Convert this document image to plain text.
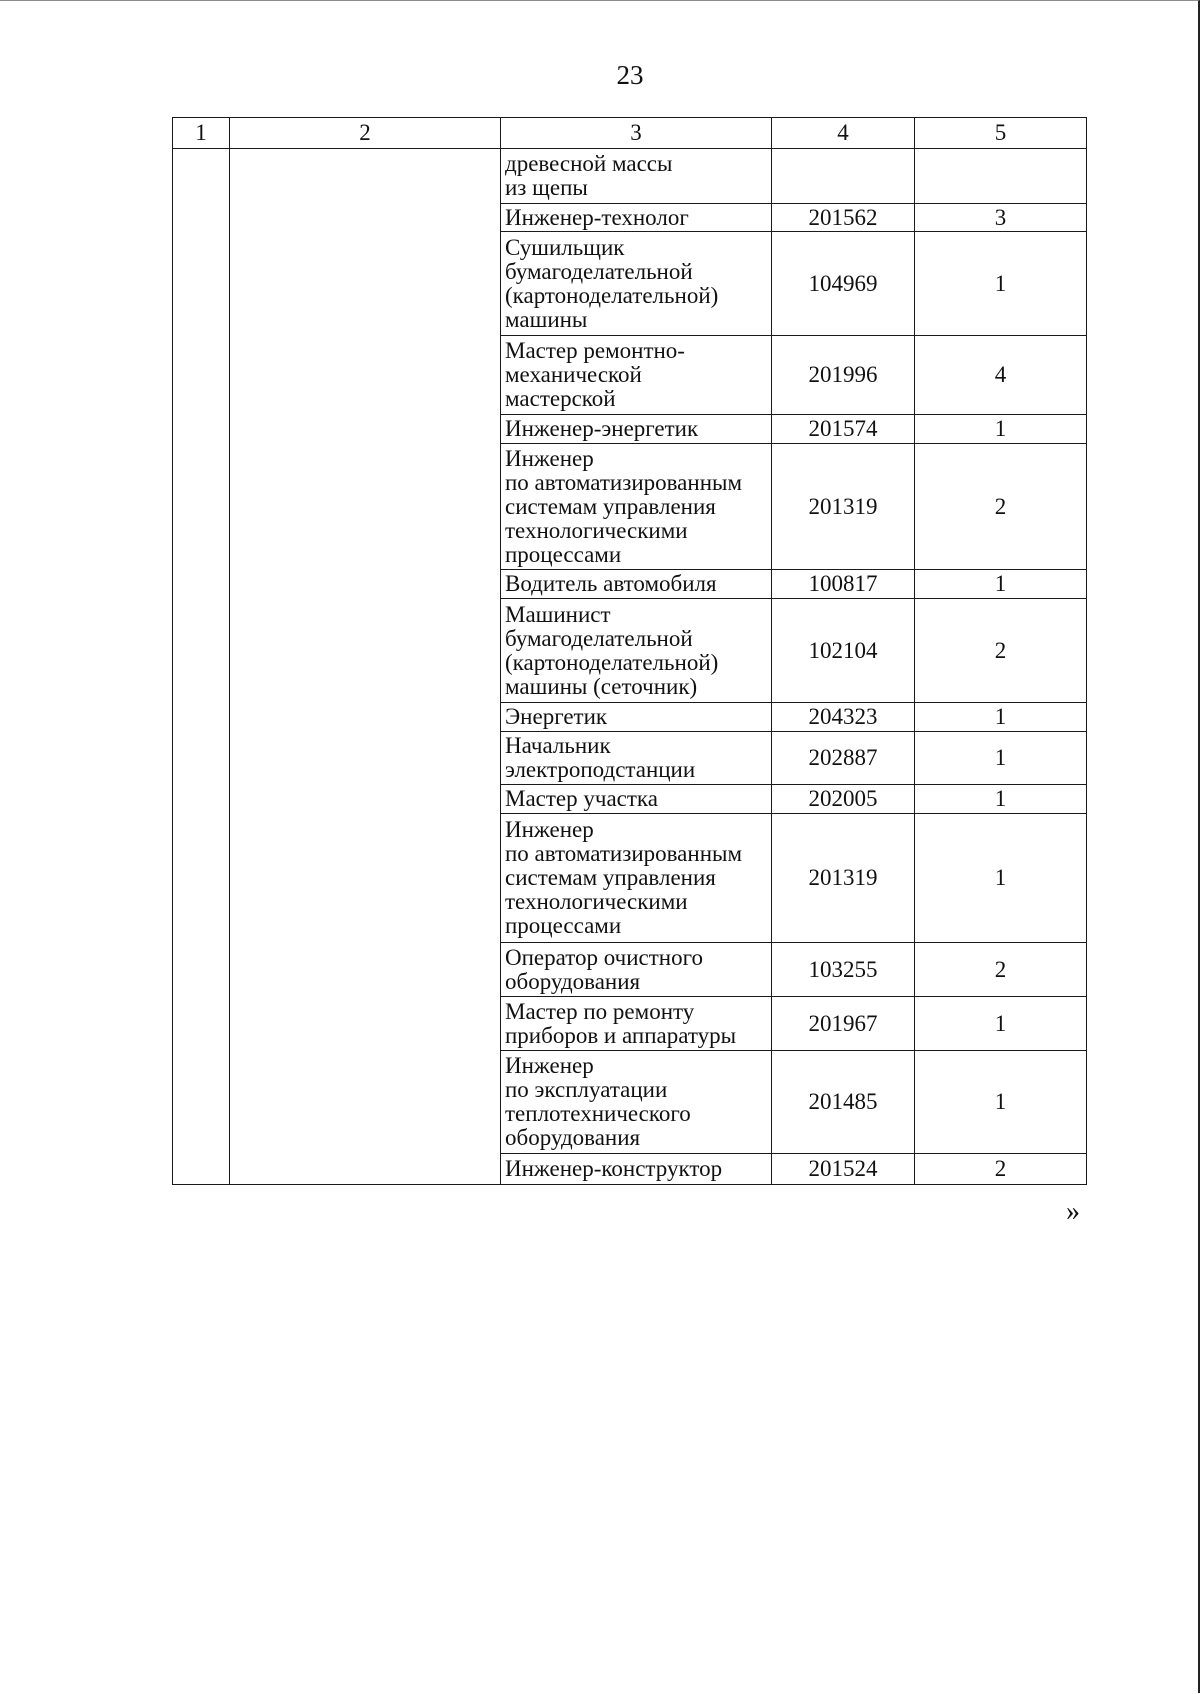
23
1	2	3	4	5
		древесной массы
из щепы		
		Инженер-технолог	201562	3
		Сушильщик
бумагоделательной
(картоноделательной)
машины	104969	1
		Мастер ремонтно-
механической
мастерской	201996	4
		Инженер-энергетик	201574	1
		Инженер
по автоматизированным
системам управления
технологическими
процессами	201319	2
		Водитель автомобиля	100817	1
		Машинист
бумагоделательной
(картоноделательной)
машины (сеточник)	102104	2
		Энергетик	204323	1
		Начальник
электроподстанции	202887	1
		Мастер участка	202005	1
		Инженер
по автоматизированным
системам управления
технологическими
процессами	201319	1
		Оператор очистного
оборудования	103255	2
		Мастер по ремонту
приборов и аппаратуры	201967	1
		Инженер
по эксплуатации
теплотехнического
оборудования	201485	1
		Инженер-конструктор	201524	2
»
